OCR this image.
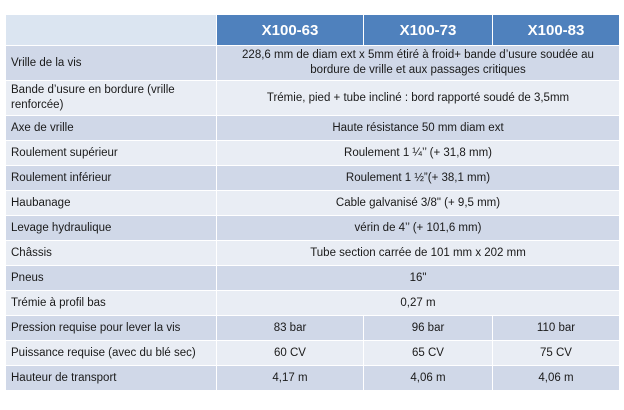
	X100-63	X100-73	X100-83
Vrille de la vis	228,6 mm de diam ext x 5mm étiré à froid+ bande d’usure soudée au bordure de vrille et aux passages critiques		
Bande d’usure en bordure (vrille renforcée)	Trémie, pied + tube incliné : bord rapporté soudé de 3,5mm		
Axe de vrille	Haute résistance 50 mm diam ext		
Roulement supérieur	Roulement 1 ¼’’ (+ 31,8 mm)		
Roulement inférieur	Roulement 1 ½”(+ 38,1 mm)		
Haubanage	Cable galvanisé 3/8" (+ 9,5 mm)		
Levage hydraulique	vérin de 4’’ (+ 101,6 mm)		
Châssis	Tube section carrée de 101 mm x 202 mm		
Pneus	16"		
Trémie à profil bas	0,27 m		
Pression requise pour lever la vis	83 bar	96 bar	110 bar
Puissance requise (avec du blé sec)	60 CV	65 CV	75 CV
Hauteur de transport	4,17 m	4,06 m	4,06 m
